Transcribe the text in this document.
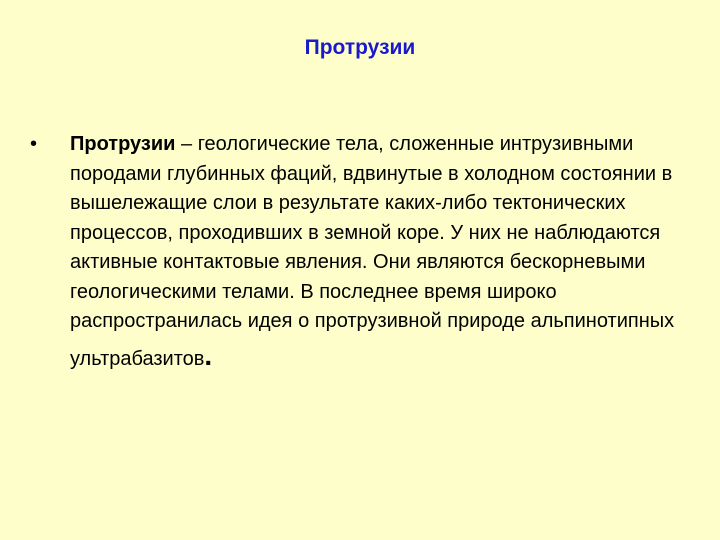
Протрузии
• Протрузии – геологические тела, сложенные интрузивными породами глубинных фаций, вдвинутые в холодном состоянии в вышележащие слои в результате каких-либо тектонических процессов, проходивших в земной коре. У них не наблюдаются активные контактовые явления. Они являются бескорневыми геологическими телами. В последнее время широко распространилась идея о протрузивной природе альпинотипных ультрабазитов.
